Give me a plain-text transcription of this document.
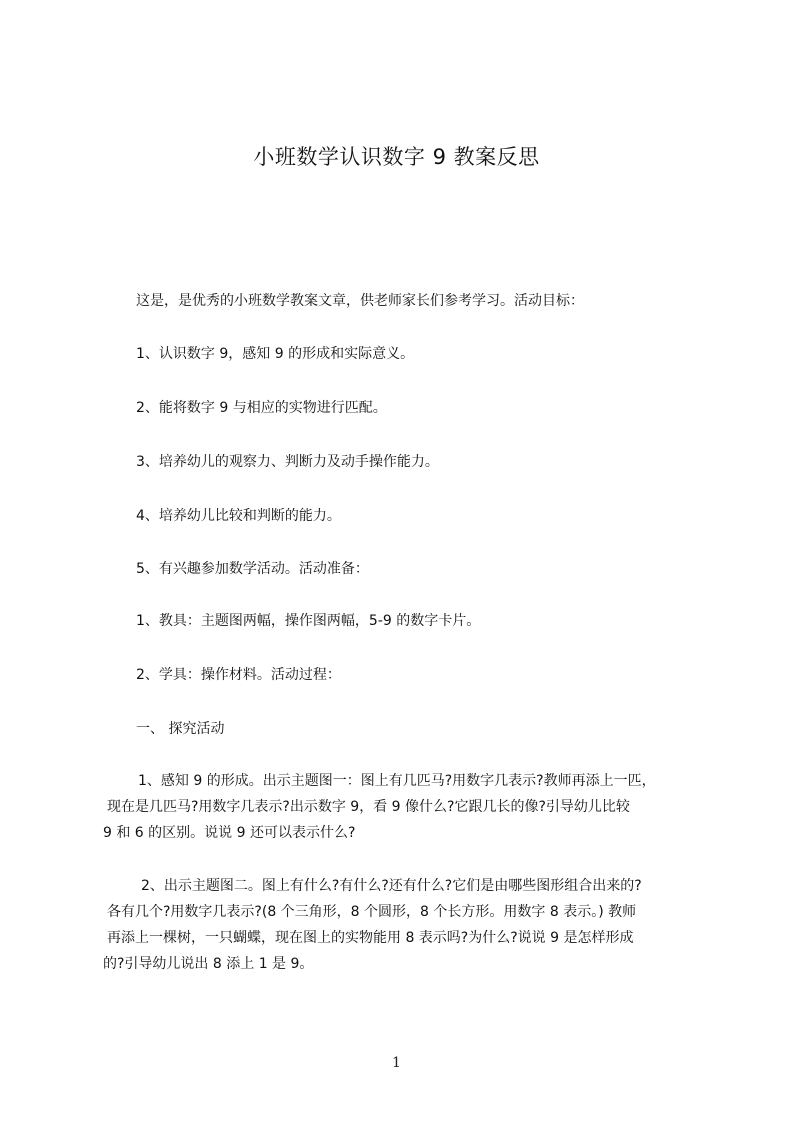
小班数学认识数字 9 教案反思
这是，是优秀的小班数学教案文章，供老师家长们参考学习。活动目标：
1、认识数字 9，感知 9 的形成和实际意义。
2、能将数字 9 与相应的实物进行匹配。
3、培养幼儿的观察力、判断力及动手操作能力。
4、培养幼儿比较和判断的能力。
5、有兴趣参加数学活动。活动准备：
1、教具：主题图两幅，操作图两幅，5-9 的数字卡片。
2、学具：操作材料。活动过程：
一、 探究活动
1、感知 9 的形成。出示主题图一：图上有几匹马?用数字几表示?教师再添上一匹，
现在是几匹马?用数字几表示?出示数字 9，看 9 像什么?它跟几长的像?引导幼儿比较
9 和 6 的区别。说说 9 还可以表示什么?
2、出示主题图二。图上有什么?有什么?还有什么?它们是由哪些图形组合出来的?
各有几个?用数字几表示?(8 个三角形，8 个圆形，8 个长方形。用数字 8 表示。) 教师
再添上一棵树，一只蝴蝶，现在图上的实物能用 8 表示吗?为什么?说说 9 是怎样形成
的?引导幼儿说出 8 添上 1 是 9。
1
